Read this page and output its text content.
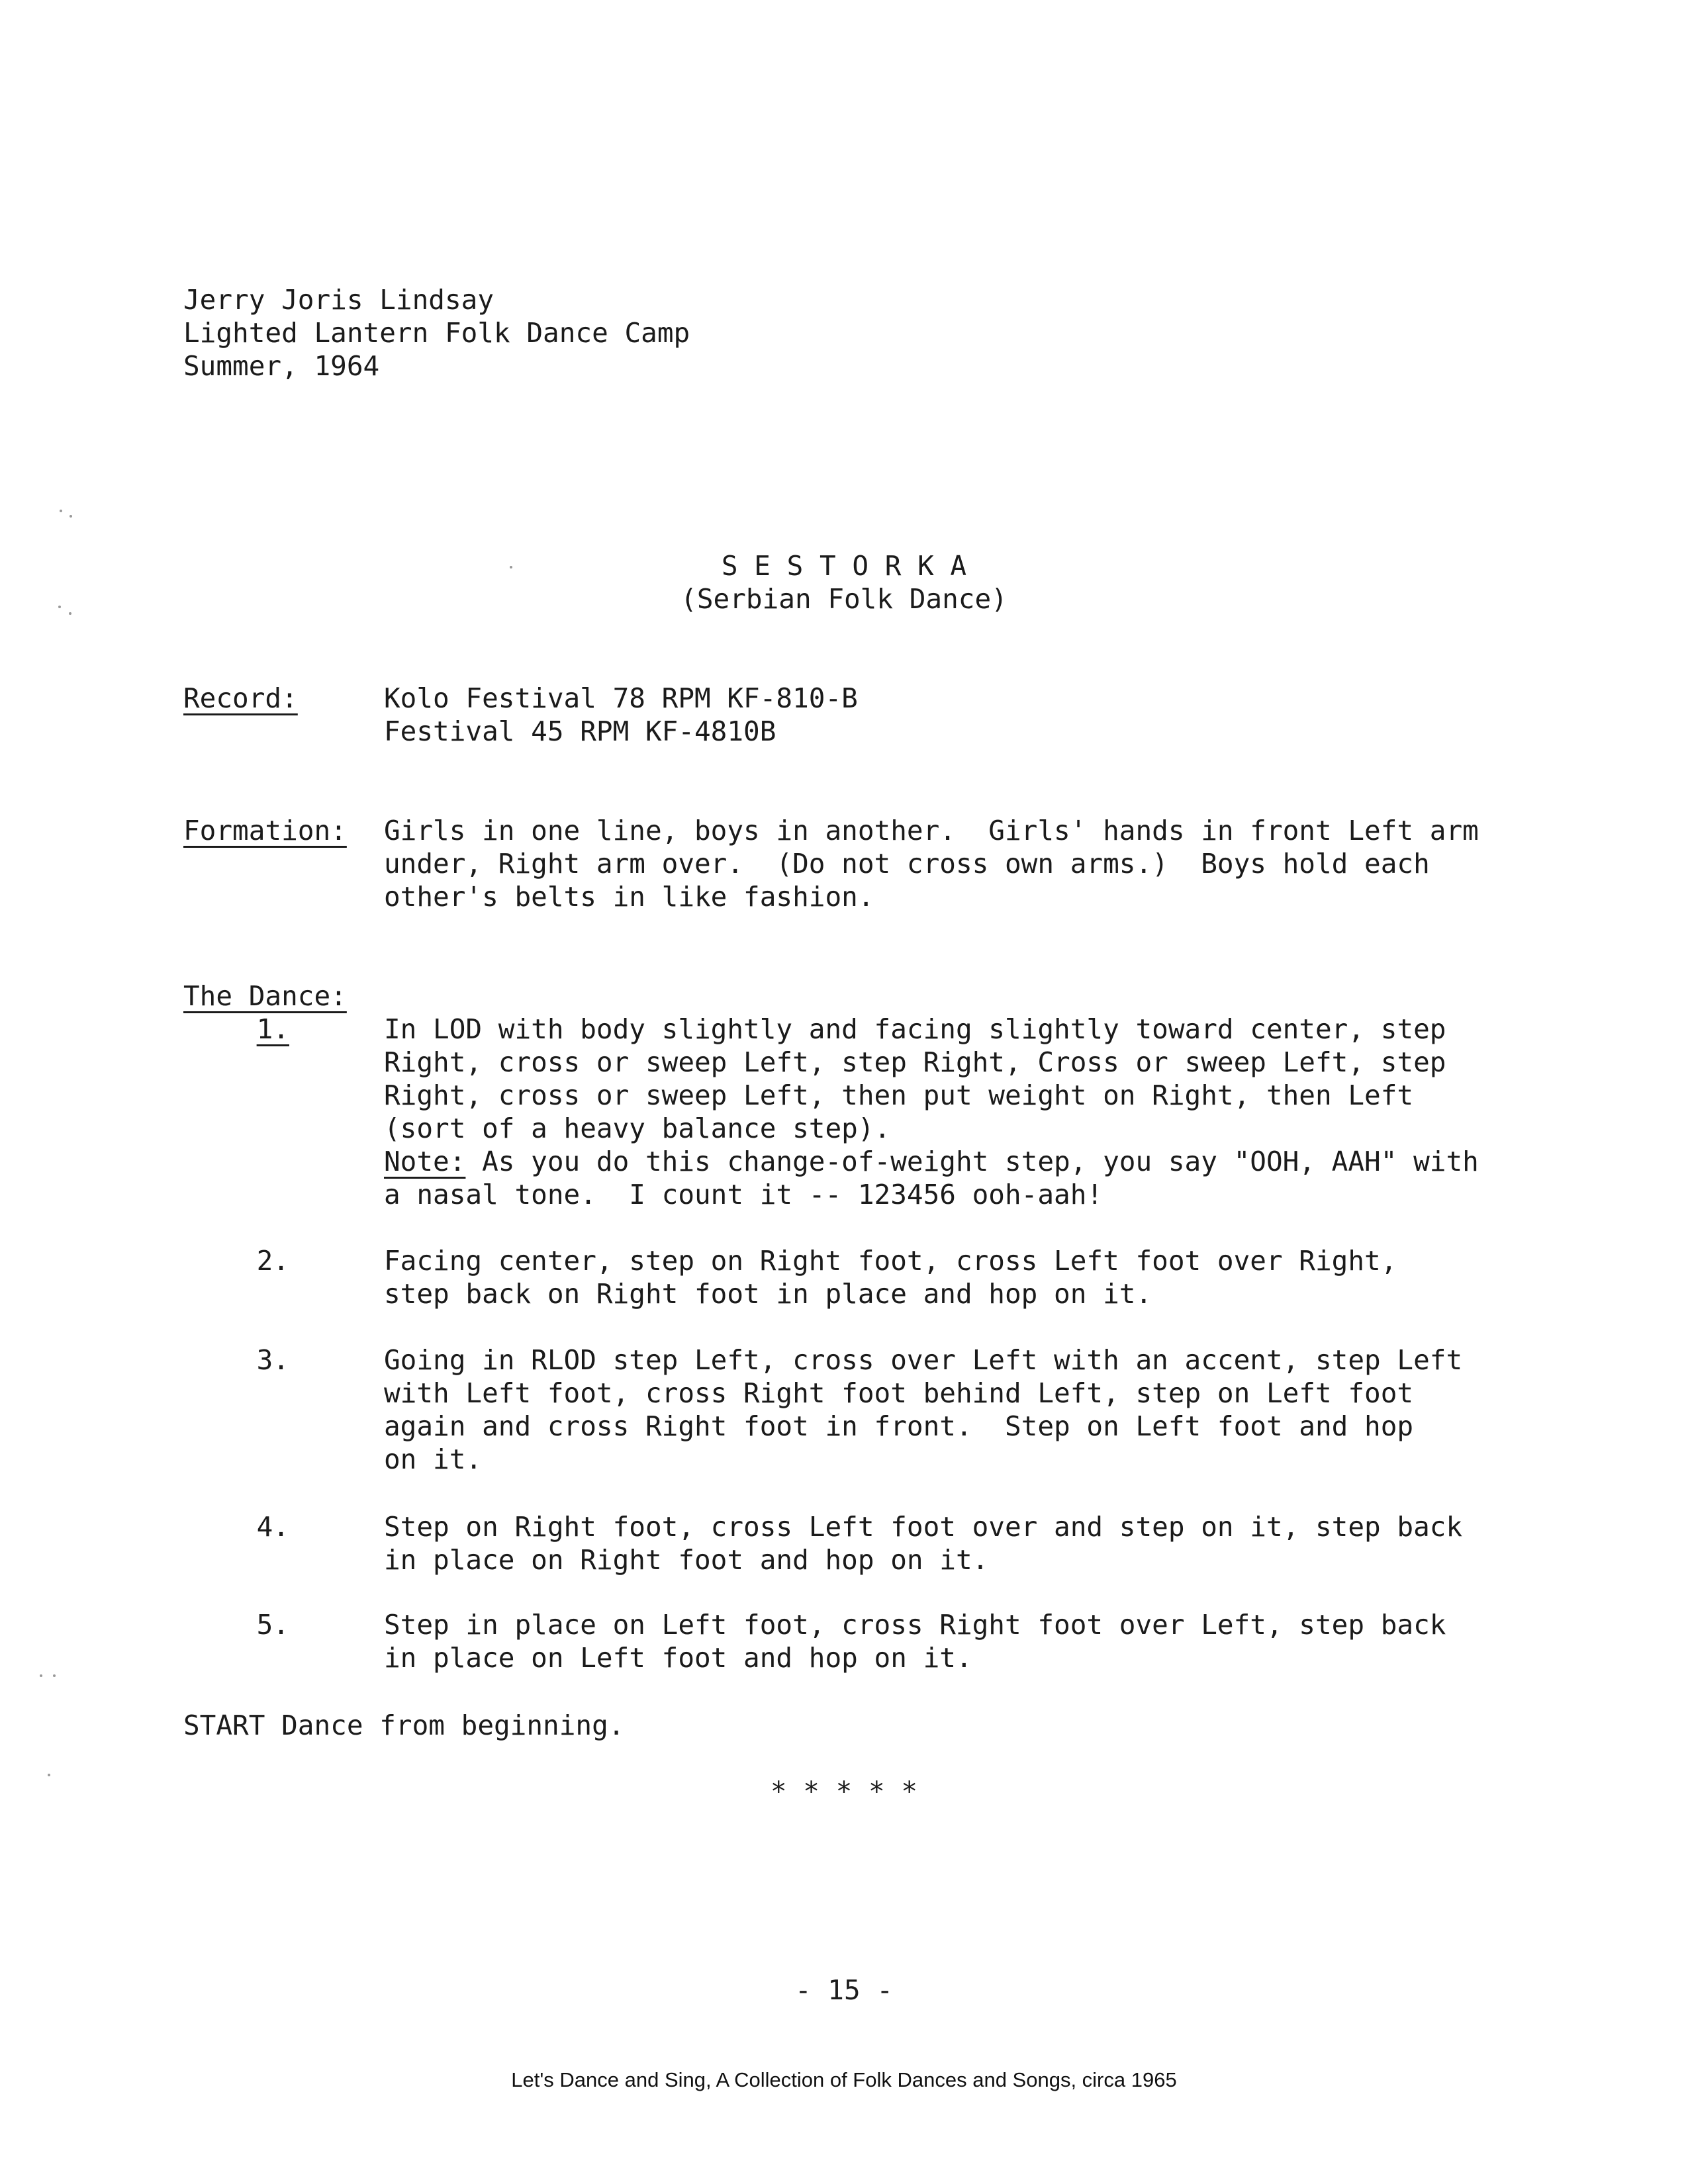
Jerry Joris Lindsay
Lighted Lantern Folk Dance Camp
Summer, 1964
S E S T O R K A
(Serbian Folk Dance)
Record:	Kolo Festival 78 RPM KF-810-B
Festival 45 RPM KF-4810B
Formation: Girls in one line, boys in another.  Girls' hands in front Left arm
under, Right arm over.  (Do not cross own arms.)  Boys hold each
other's belts in like fashion.
The Dance:
1.	In LOD with body slightly and facing slightly toward center, step
Right, cross or sweep Left, step Right, Cross or sweep Left, step
Right, cross or sweep Left, then put weight on Right, then Left
(sort of a heavy balance step).
Note: As you do this change-of-weight step, you say "OOH, AAH" with
a nasal tone.  I count it -- 123456 ooh-aah!
2.	Facing center, step on Right foot, cross Left foot over Right,
step back on Right foot in place and hop on it.
3.	Going in RLOD step Left, cross over Left with an accent, step Left
with Left foot, cross Right foot behind Left, step on Left foot
again and cross Right foot in front.  Step on Left foot and hop
on it.
4.	Step on Right foot, cross Left foot over and step on it, step back
in place on Right foot and hop on it.
5.	Step in place on Left foot, cross Right foot over Left, step back
in place on Left foot and hop on it.
START Dance from beginning.
* * * * *
- 15 -
Let's Dance and Sing, A Collection of Folk Dances and Songs, circa 1965
